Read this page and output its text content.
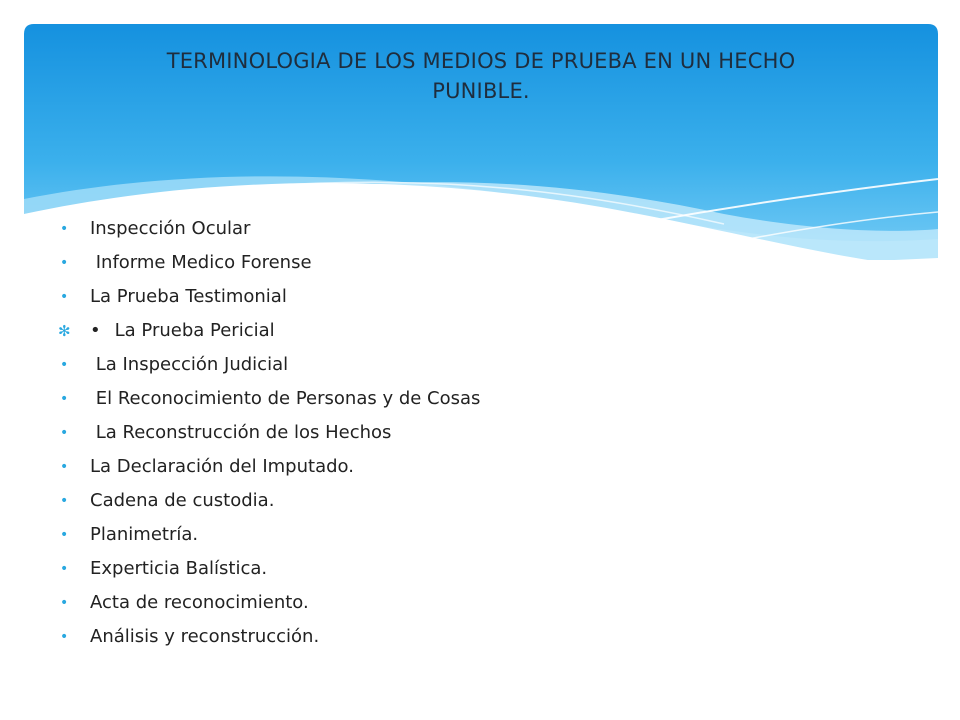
TERMINOLOGIA DE LOS MEDIOS DE PRUEBA EN UN HECHO
PUNIBLE.
• Inspección Ocular
• Informe Medico Forense
• La Prueba Testimonial
✻ • La Prueba Pericial
• La Inspección Judicial
• El Reconocimiento de Personas y de Cosas
• La Reconstrucción de los Hechos
• La Declaración del Imputado.
• Cadena de custodia.
• Planimetría.
• Experticia Balística.
• Acta de reconocimiento.
• Análisis y reconstrucción.
